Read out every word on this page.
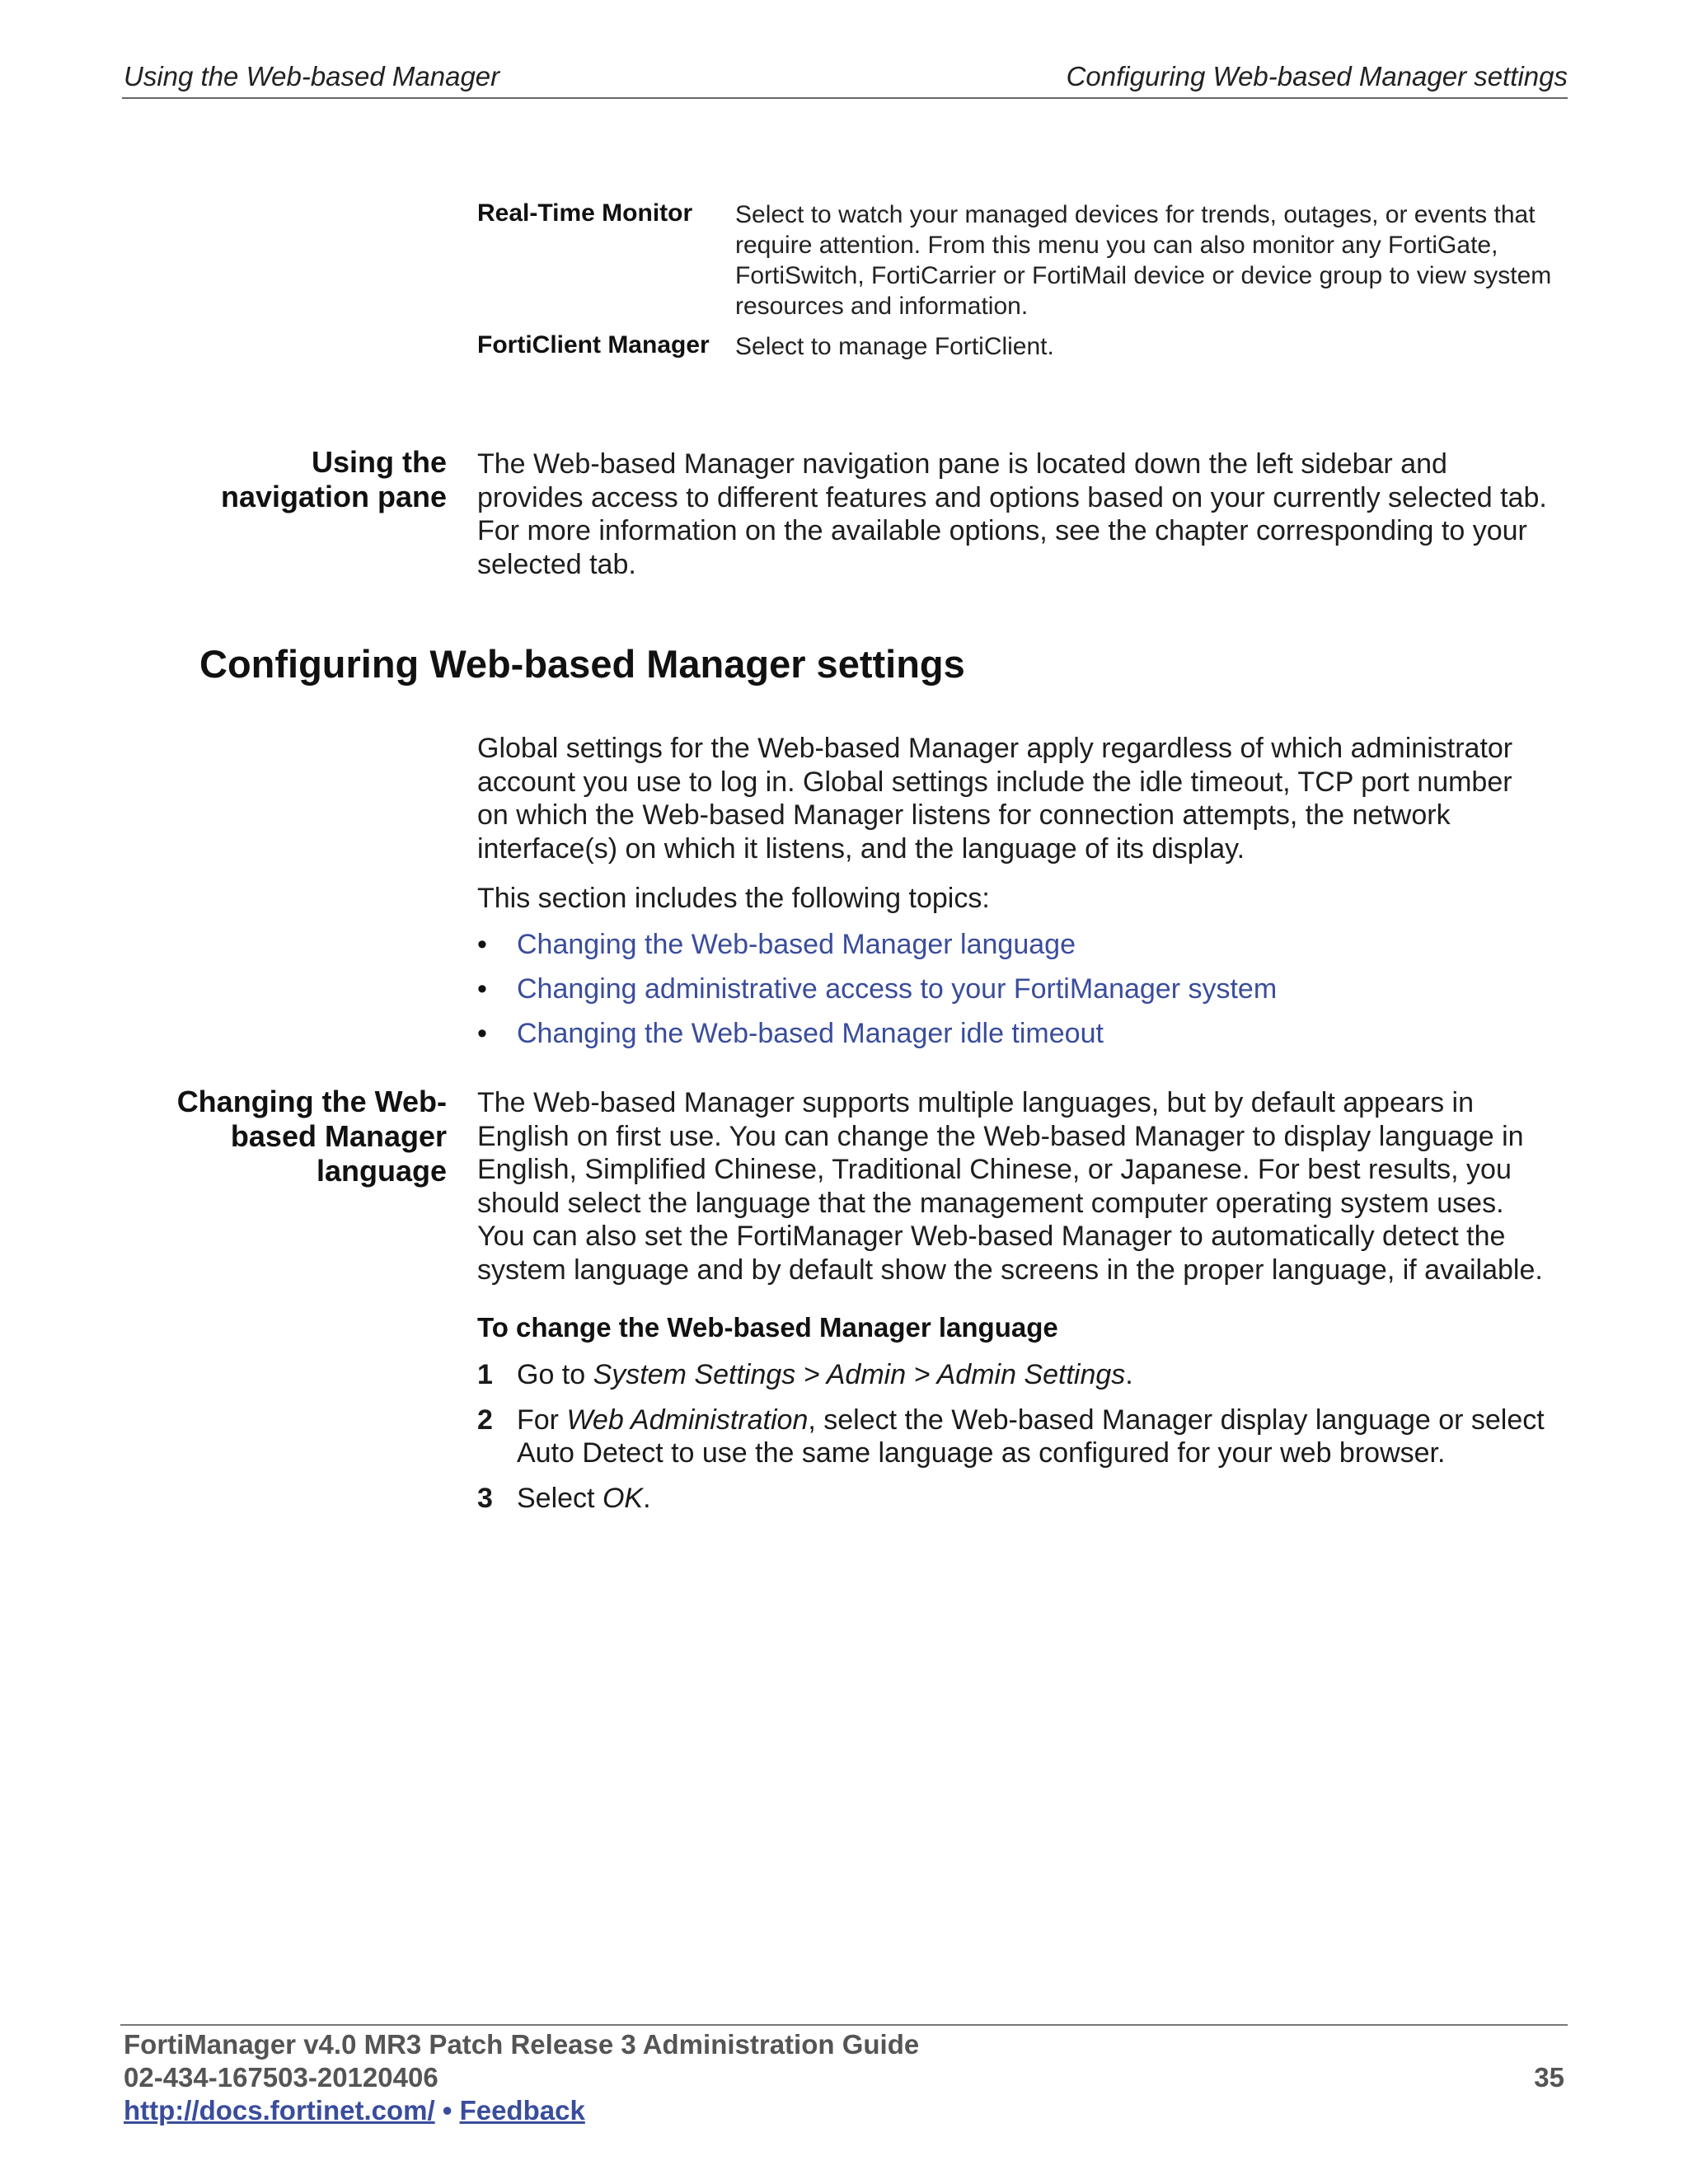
Using the Web-based Manager	Configuring Web-based Manager settings
Real-Time Monitor Select to watch your managed devices for trends, outages, or events that require attention. From this menu you can also monitor any FortiGate, FortiSwitch, FortiCarrier or FortiMail device or device group to view system resources and information.
FortiClient Manager Select to manage FortiClient.
Using the navigation pane
The Web-based Manager navigation pane is located down the left sidebar and provides access to different features and options based on your currently selected tab. For more information on the available options, see the chapter corresponding to your selected tab.
Configuring Web-based Manager settings
Global settings for the Web-based Manager apply regardless of which administrator account you use to log in. Global settings include the idle timeout, TCP port number on which the Web-based Manager listens for connection attempts, the network interface(s) on which it listens, and the language of its display.
This section includes the following topics:
• Changing the Web-based Manager language
• Changing administrative access to your FortiManager system
• Changing the Web-based Manager idle timeout
Changing the Web-based Manager language
The Web-based Manager supports multiple languages, but by default appears in English on first use. You can change the Web-based Manager to display language in English, Simplified Chinese, Traditional Chinese, or Japanese. For best results, you should select the language that the management computer operating system uses. You can also set the FortiManager Web-based Manager to automatically detect the system language and by default show the screens in the proper language, if available.
To change the Web-based Manager language
1 Go to System Settings > Admin > Admin Settings.
2 For Web Administration, select the Web-based Manager display language or select Auto Detect to use the same language as configured for your web browser.
3 Select OK.
FortiManager v4.0 MR3 Patch Release 3 Administration Guide
02-434-167503-20120406
http://docs.fortinet.com/ • Feedback
35
